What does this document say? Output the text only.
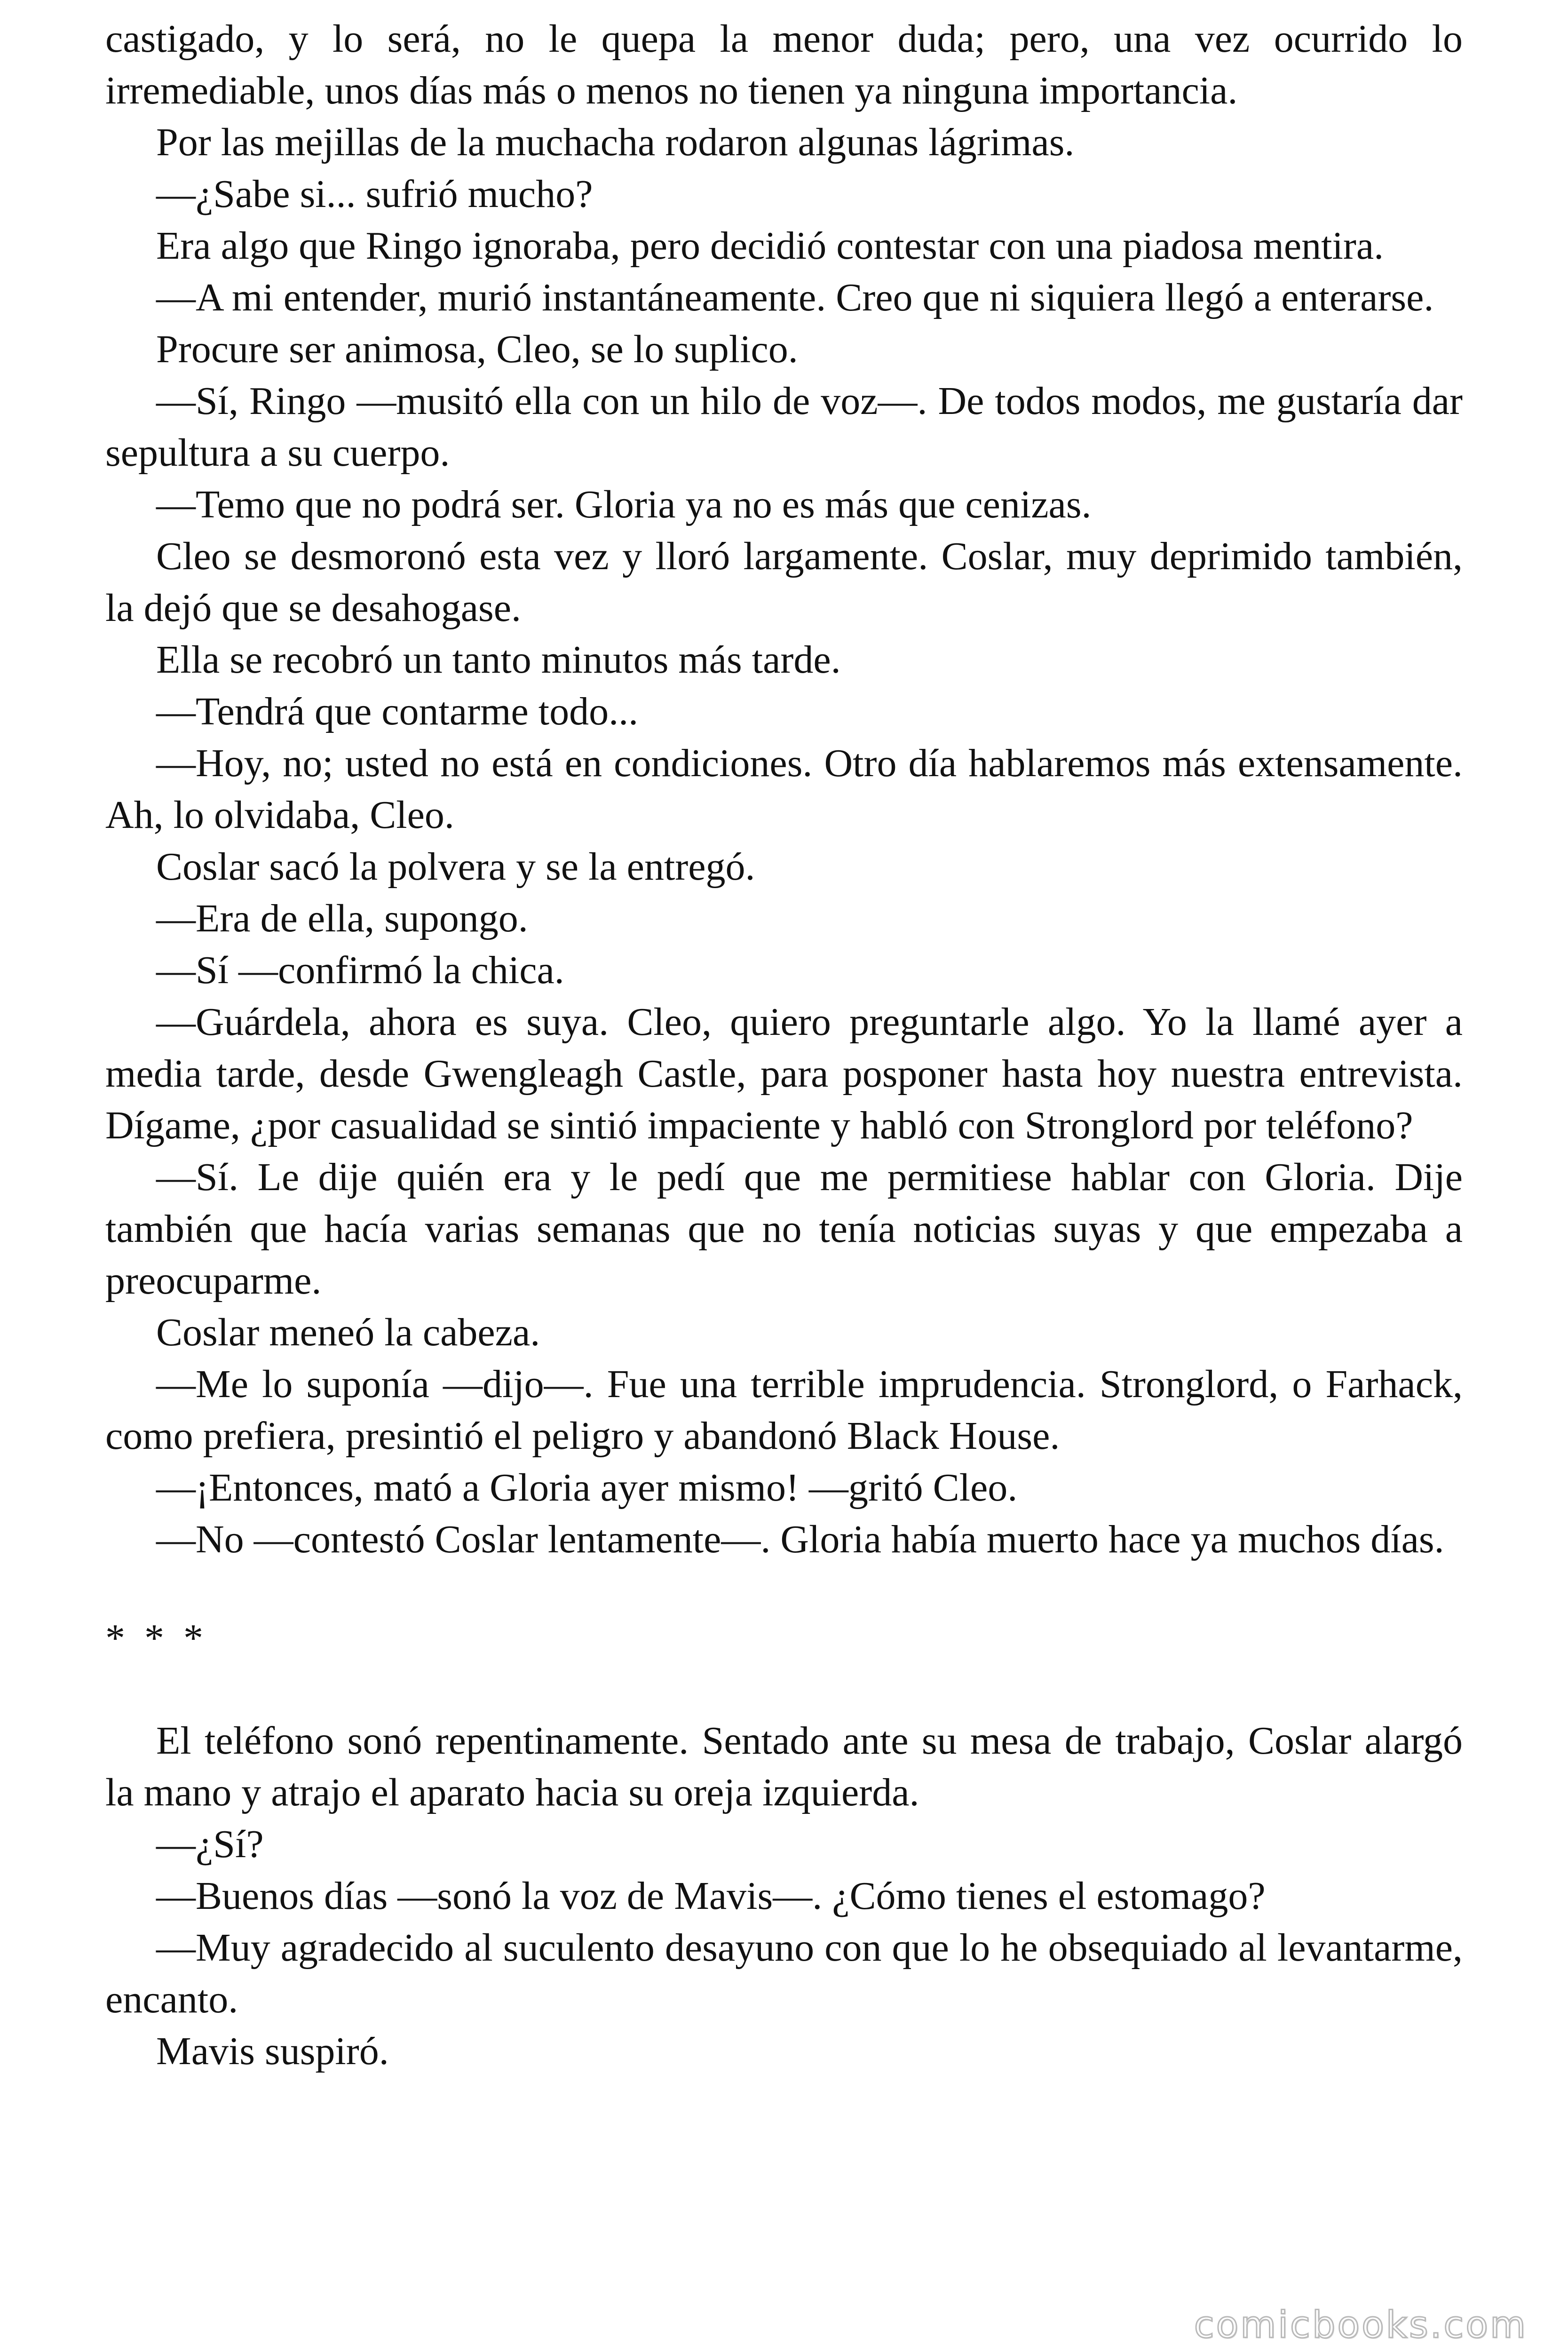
castigado, y lo será, no le quepa la menor duda; pero, una vez ocurrido lo irremediable, unos días más o menos no tienen ya ninguna importancia.

Por las mejillas de la muchacha rodaron algunas lágrimas.

—¿Sabe si... sufrió mucho?

Era algo que Ringo ignoraba, pero decidió contestar con una piadosa mentira.

—A mi entender, murió instantáneamente. Creo que ni siquiera llegó a enterarse.

Procure ser animosa, Cleo, se lo suplico.

—Sí, Ringo —musitó ella con un hilo de voz—. De todos modos, me gustaría dar sepultura a su cuerpo.

—Temo que no podrá ser. Gloria ya no es más que cenizas.

Cleo se desmoronó esta vez y lloró largamente. Coslar, muy deprimido también, la dejó que se desahogase.

Ella se recobró un tanto minutos más tarde.

—Tendrá que contarme todo...

—Hoy, no; usted no está en condiciones. Otro día hablaremos más extensamente. Ah, lo olvidaba, Cleo.

Coslar sacó la polvera y se la entregó.

—Era de ella, supongo.

—Sí —confirmó la chica.

—Guárdela, ahora es suya. Cleo, quiero preguntarle algo. Yo la llamé ayer a media tarde, desde Gwengleagh Castle, para posponer hasta hoy nuestra entrevista. Dígame, ¿por casualidad se sintió impaciente y habló con Stronglord por teléfono?

—Sí. Le dije quién era y le pedí que me permitiese hablar con Gloria. Dije también que hacía varias semanas que no tenía noticias suyas y que empezaba a preocuparme.

Coslar meneó la cabeza.

—Me lo suponía —dijo—. Fue una terrible imprudencia. Stronglord, o Farhack, como prefiera, presintió el peligro y abandonó Black House.

—¡Entonces, mató a Gloria ayer mismo! —gritó Cleo.

—No —contestó Coslar lentamente—. Gloria había muerto hace ya muchos días.

* * *

El teléfono sonó repentinamente. Sentado ante su mesa de trabajo, Coslar alargó la mano y atrajo el aparato hacia su oreja izquierda.

—¿Sí?

—Buenos días —sonó la voz de Mavis—. ¿Cómo tienes el estomago?

—Muy agradecido al suculento desayuno con que lo he obsequiado al levantarme, encanto.

Mavis suspiró.

comicbooks.com
